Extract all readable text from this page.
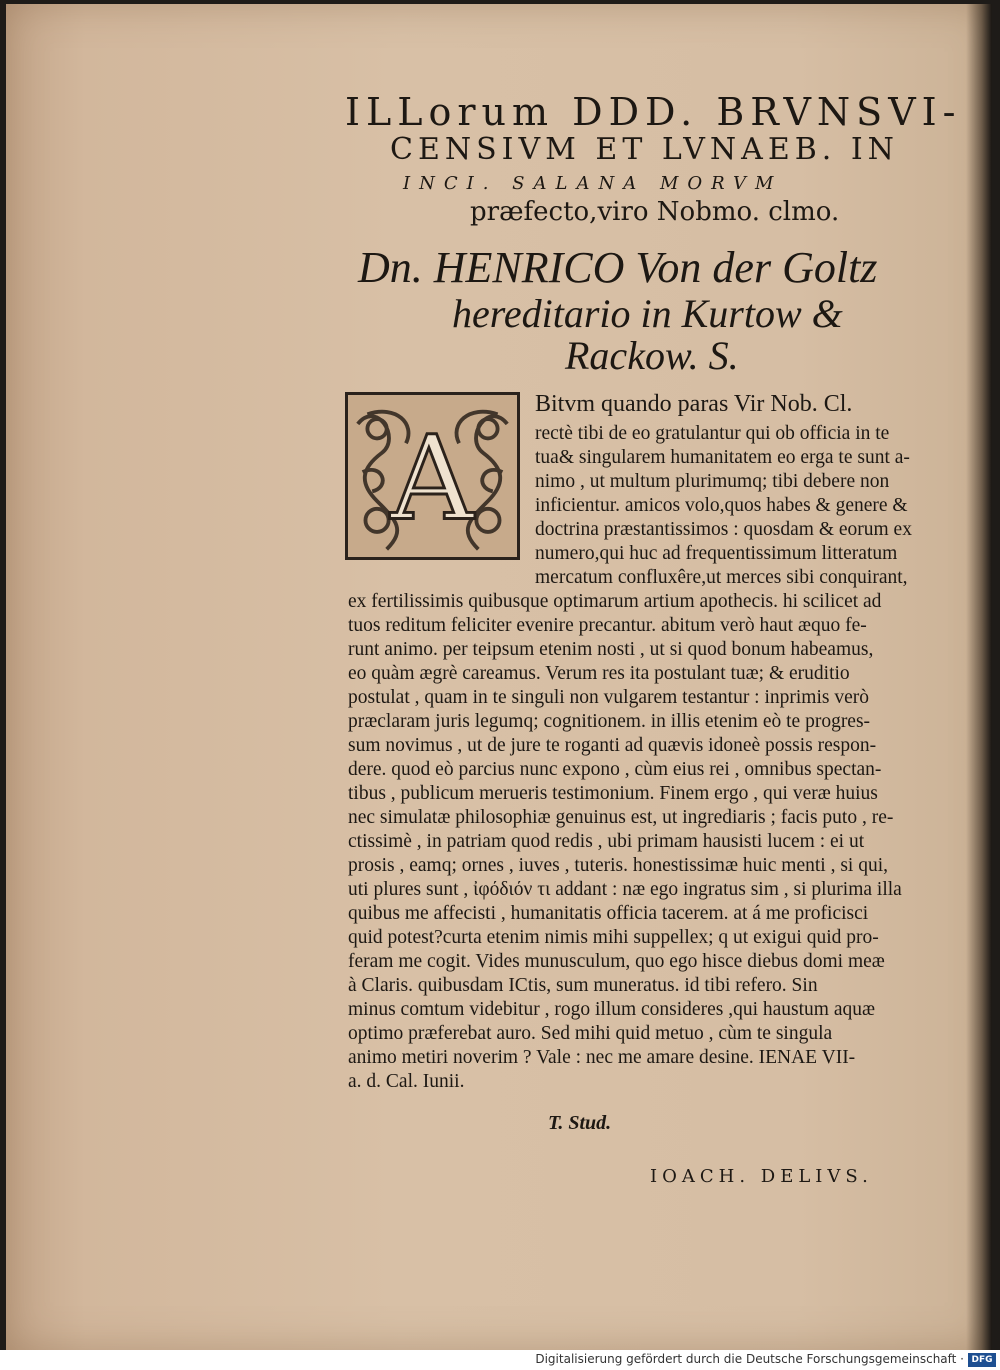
ILLorum DDD. BRVNSVI-
CENSIVM ET LVNAEB. IN
INCI. SALANA MORVM
præfecto,viro Nobmo. clmo.
Dn. HENRICO Von der Goltz
hereditario in Kurtow &
Rackow. S.
A
Bitvm quando paras Vir Nob. Cl.
rectè tibi de eo gratulantur qui ob officia in te
tua& singularem humanitatem eo erga te sunt a-
nimo , ut multum plurimumq; tibi debere non
inficientur. amicos volo,quos habes & genere &
doctrina præstantissimos : quosdam & eorum ex
numero,qui huc ad frequentissimum litteratum
mercatum confluxêre,ut merces sibi conquirant,
ex fertilissimis quibusque optimarum artium apothecis. hi scilicet ad
tuos reditum feliciter evenire precantur. abitum verò haut æquo fe-
runt animo. per teipsum etenim nosti , ut si quod bonum habeamus,
eo quàm ægrè careamus. Verum res ita postulant tuæ; & eruditio
postulat , quam in te singuli non vulgarem testantur : inprimis verò
præclaram juris legumq; cognitionem. in illis etenim eò te progres-
sum novimus , ut de jure te roganti ad quævis idoneè possis respon-
dere. quod eò parcius nunc expono , cùm eius rei , omnibus spectan-
tibus , publicum merueris testimonium. Finem ergo , qui veræ huius
nec simulatæ philosophiæ genuinus est, ut ingrediaris ; facis puto , re-
ctissimè , in patriam quod redis , ubi primam hausisti lucem : ei ut
prosis , eamq; ornes , iuves , tuteris. honestissimæ huic menti , si qui,
uti plures sunt , ἰφόδιόν τι addant : næ ego ingratus sim , si plurima illa
quibus me affecisti , humanitatis officia tacerem. at á me proficisci
quid potest?curta etenim nimis mihi suppellex; q ut exigui quid pro-
feram me cogit. Vides munusculum, quo ego hisce diebus domi meæ
à Claris. quibusdam ICtis, sum muneratus. id tibi refero. Sin
minus comtum videbitur , rogo illum consideres ,qui haustum aquæ
optimo præferebat auro. Sed mihi quid metuo , cùm te singula
animo metiri noverim ? Vale : nec me amare desine. IENAE VII-
a. d. Cal. Iunii.
T. Stud.
IOACH. DELIVS.
Digitalisierung gefördert durch die Deutsche Forschungsgemeinschaft · DFG
